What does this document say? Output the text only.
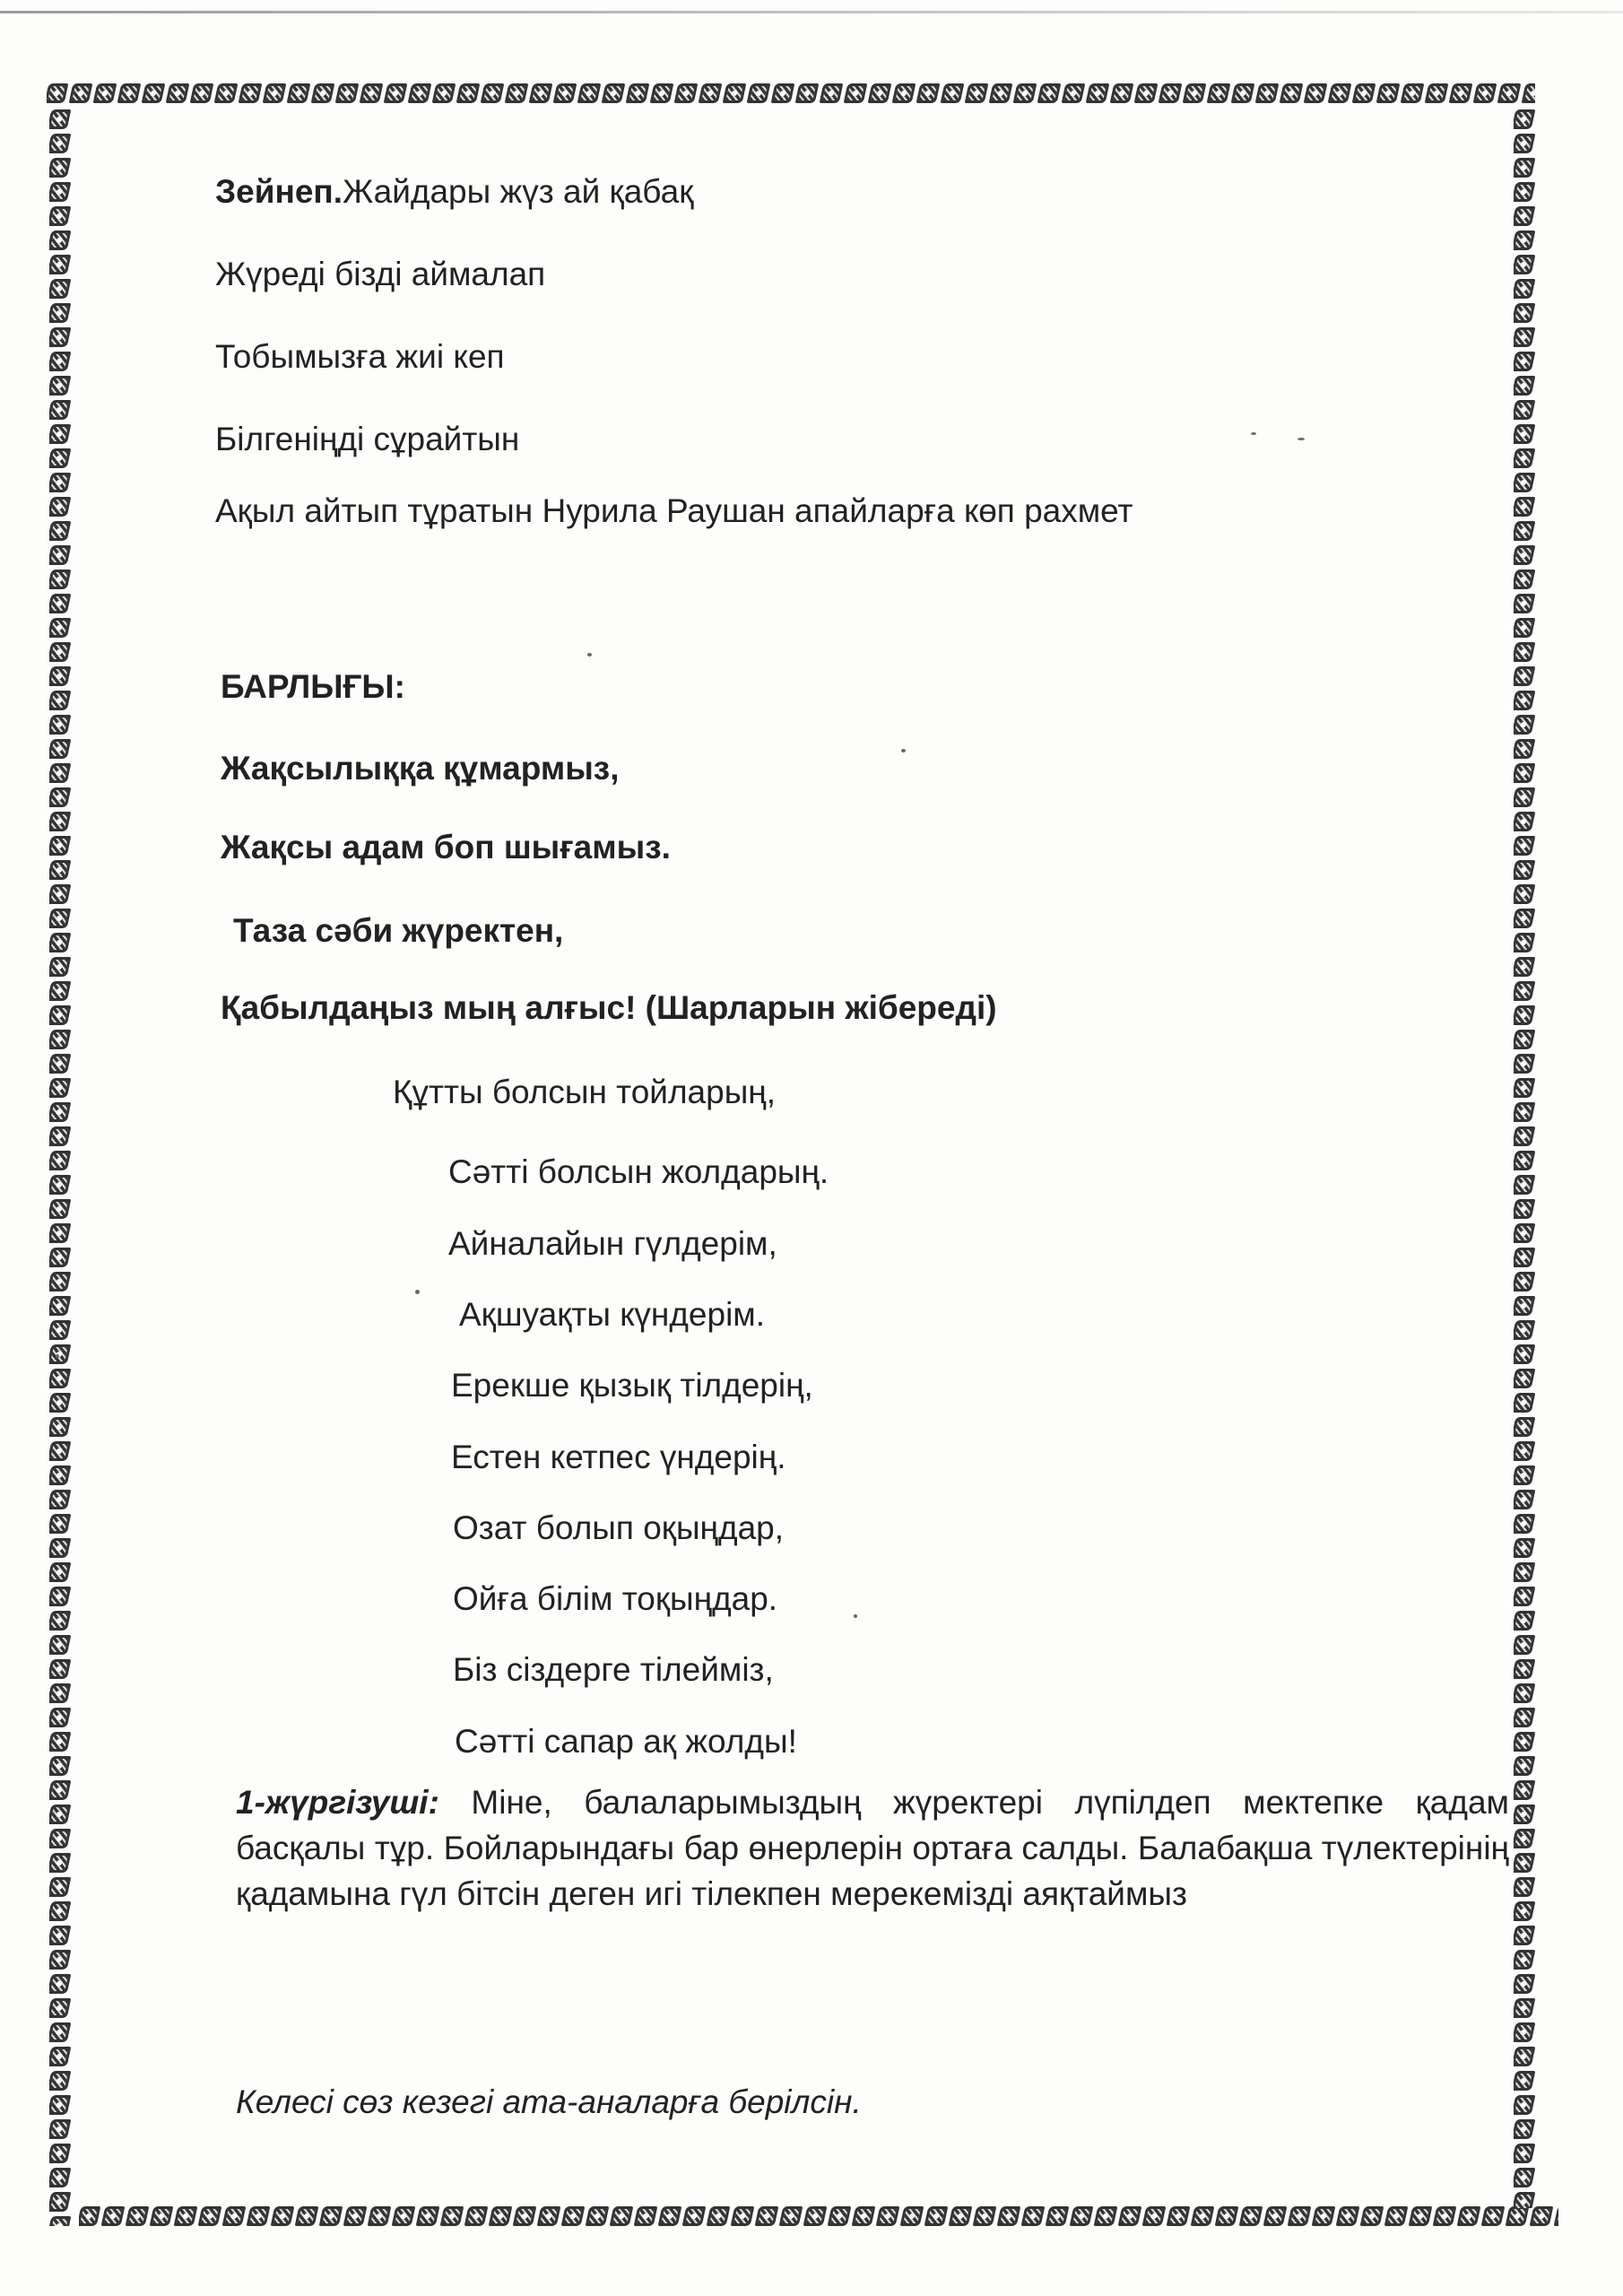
Зейнеп.Жайдары жүз ай қабақ
Жүреді бізді аймалап
Тобымызға жиі кеп
Білгеніңді сұрайтын
Ақыл айтып тұратын Нурила Раушан апайларға көп рахмет
БАРЛЫҒЫ:
Жақсылыққа құмармыз,
Жақсы адам боп шығамыз.
Таза сәби жүректен,
Қабылдаңыз мың алғыс! (Шарларын жібереді)
Құтты болсын тойларың,
Сәтті болсын жолдарың.
Айналайын гүлдерім,
Ақшуақты күндерім.
Ерекше қызық тілдерің,
Естен кетпес үндерің.
Озат болып оқыңдар,
Ойға білім тоқыңдар.
Біз сіздерге тілейміз,
Сәтті сапар ақ жолды!
1-жүргізуші: Міне, балаларымыздың жүректері лүпілдеп мектепке қадам басқалы тұр. Бойларындағы бар өнерлерін ортаға салды. Балабақша түлектерінің қадамына гүл бітсін деген игі тілекпен мерекемізді аяқтаймыз
Келесі сөз кезегі ата-аналарға берілсін.
